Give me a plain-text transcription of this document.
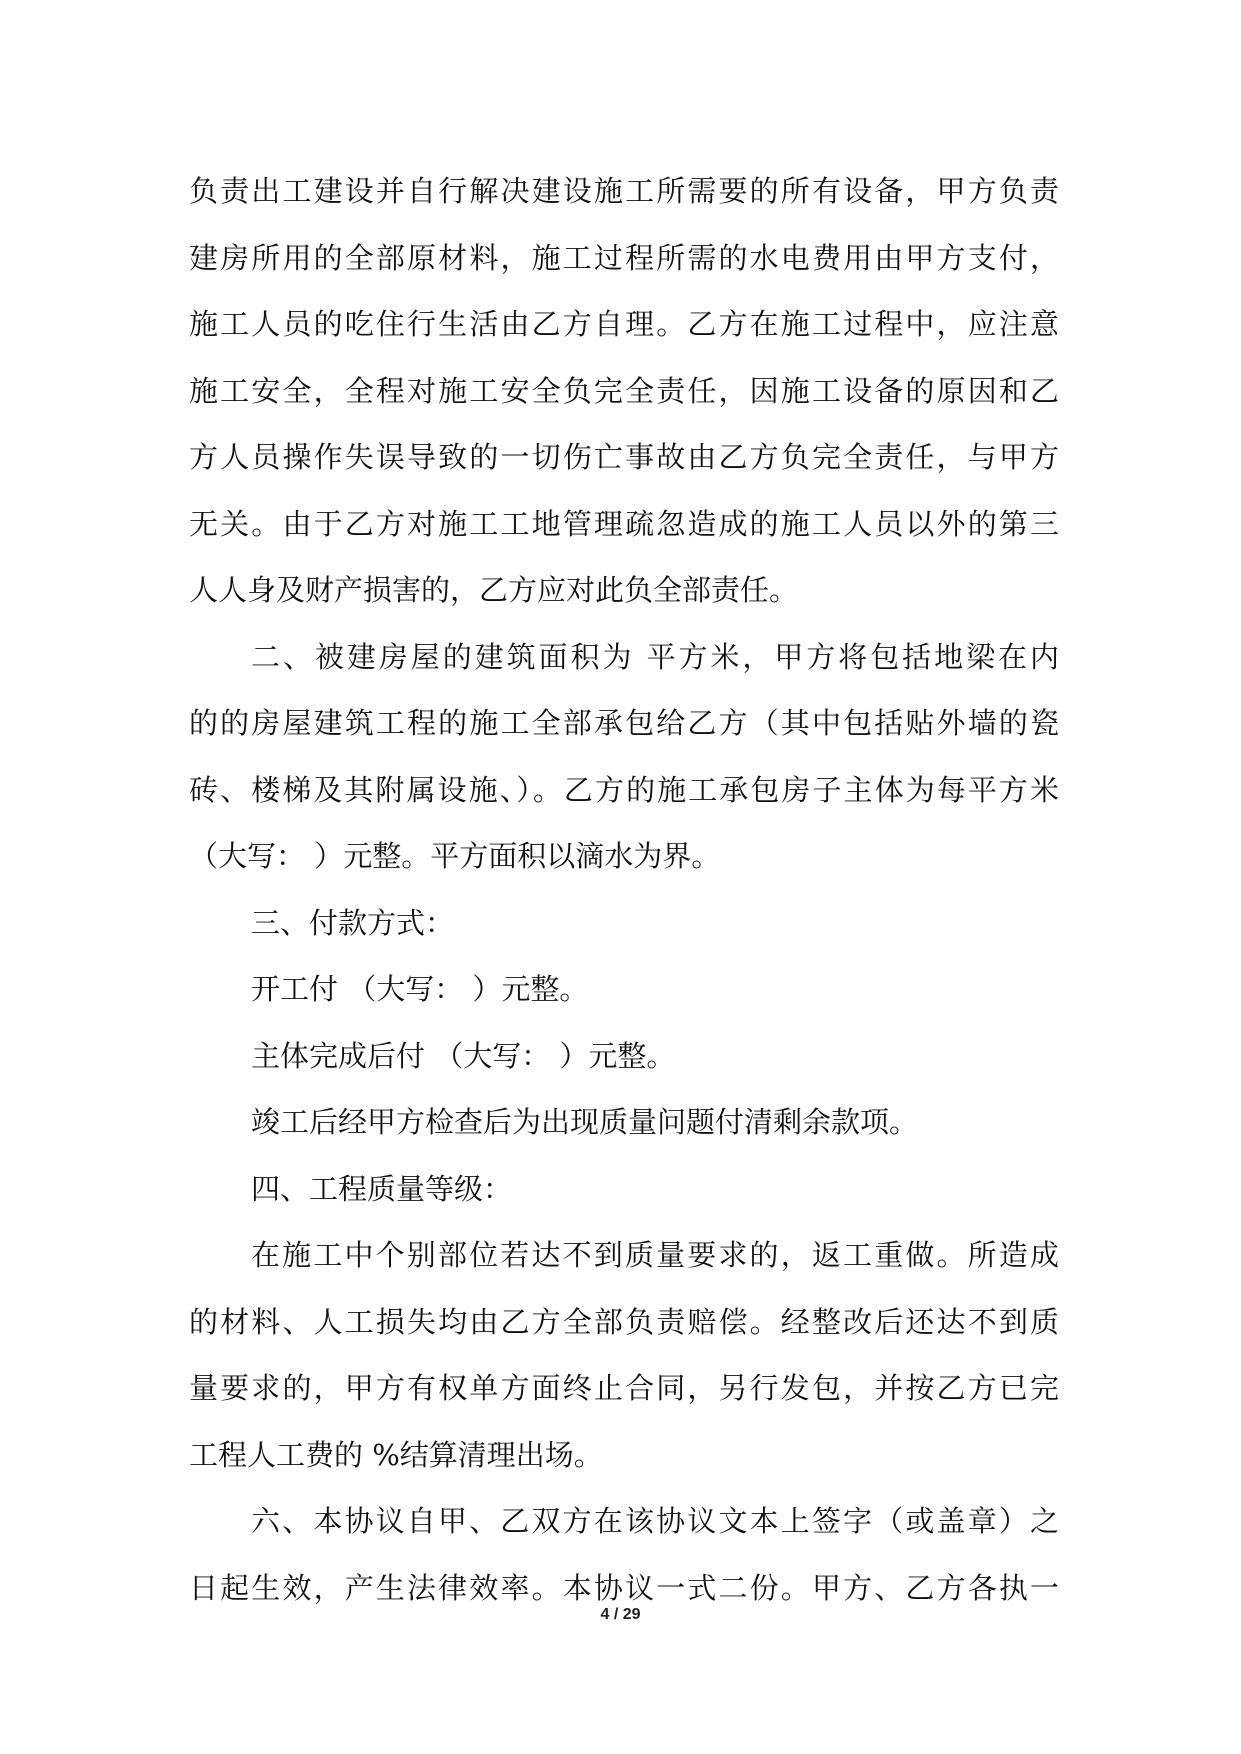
负责出工建设并自行解决建设施工所需要的所有设备，甲方负责
建房所用的全部原材料，施工过程所需的水电费用由甲方支付，
施工人员的吃住行生活由乙方自理。乙方在施工过程中，应注意
施工安全，全程对施工安全负完全责任，因施工设备的原因和乙
方人员操作失误导致的一切伤亡事故由乙方负完全责任，与甲方
无关。由于乙方对施工工地管理疏忽造成的施工人员以外的第三
人人身及财产损害的，乙方应对此负全部责任。
二、被建房屋的建筑面积为 平方米，甲方将包括地梁在内
的的房屋建筑工程的施工全部承包给乙方（其中包括贴外墙的瓷
砖、楼梯及其附属设施、）。乙方的施工承包房子主体为每平方米
（大写： ）元整。平方面积以滴水为界。
三、付款方式：
开工付 （大写： ）元整。
主体完成后付 （大写： ）元整。
竣工后经甲方检查后为出现质量问题付清剩余款项。
四、工程质量等级：
在施工中个别部位若达不到质量要求的，返工重做。所造成
的材料、人工损失均由乙方全部负责赔偿。经整改后还达不到质
量要求的，甲方有权单方面终止合同，另行发包，并按乙方已完
工程人工费的 %结算清理出场。
六、本协议自甲、乙双方在该协议文本上签字（或盖章）之
日起生效，产生法律效率。本协议一式二份。甲方、乙方各执一
4 / 29
